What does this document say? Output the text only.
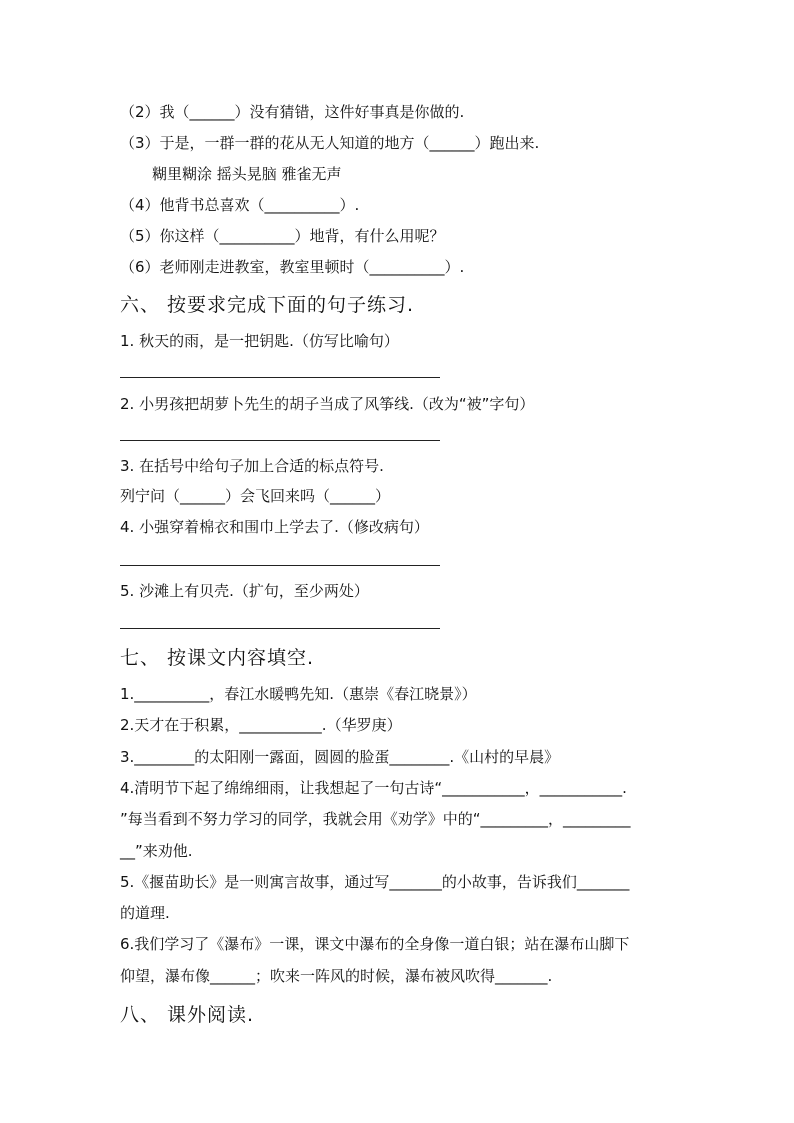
（2）我（______）没有猜错，这件好事真是你做的.
（3）于是，一群一群的花从无人知道的地方（______）跑出来.
糊里糊涂 摇头晃脑 雅雀无声
（4）他背书总喜欢（__________）.
（5）你这样（__________）地背，有什么用呢？
（6）老师刚走进教室，教室里顿时（__________）.
六、 按要求完成下面的句子练习.
1. 秋天的雨，是一把钥匙.（仿写比喻句）
2. 小男孩把胡萝卜先生的胡子当成了风筝线.（改为“被”字句）
3. 在括号中给句子加上合适的标点符号.
列宁问（______）会飞回来吗（______）
4. 小强穿着棉衣和围巾上学去了.（修改病句）
5. 沙滩上有贝壳.（扩句，至少两处）
七、 按课文内容填空.
1.__________，春江水暖鸭先知.（惠崇《春江晓景》）
2.天才在于积累，___________.（华罗庚）
3.________的太阳刚一露面，圆圆的脸蛋________.《山村的早晨》
4.清明节下起了绵绵细雨，让我想起了一句古诗“___________，___________.
”每当看到不努力学习的同学，我就会用《劝学》中的“_________，_________
__”来劝他.
5.《揠苗助长》是一则寓言故事，通过写_______的小故事，告诉我们_______
的道理.
6.我们学习了《瀑布》一课，课文中瀑布的全身像一道白银；站在瀑布山脚下
仰望，瀑布像______；吹来一阵风的时候，瀑布被风吹得_______.
八、 课外阅读.
